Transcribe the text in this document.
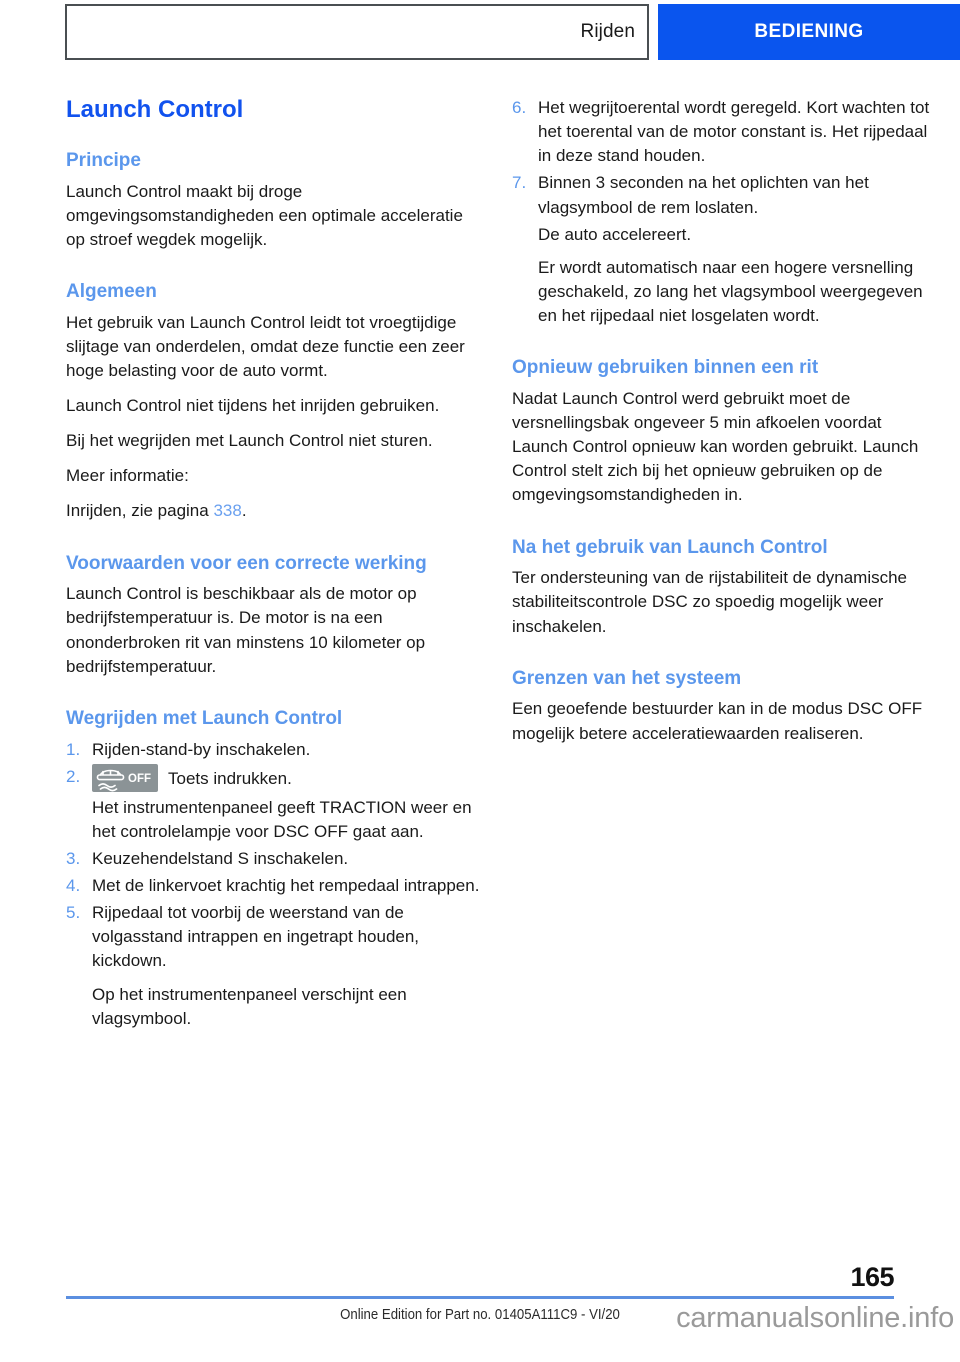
Rijden	BEDIENING
Launch Control
Principe

Launch Control maakt bij droge omgevingsomstandigheden een optimale acceleratie op stroef wegdek mogelijk.

Algemeen

Het gebruik van Launch Control leidt tot vroegtijdige slijtage van onderdelen, omdat deze functie een zeer hoge belasting voor de auto vormt.

Launch Control niet tijdens het inrijden gebruiken.

Bij het wegrijden met Launch Control niet sturen.

Meer informatie:

Inrijden, zie pagina 338.

Voorwaarden voor een correcte werking

Launch Control is beschikbaar als de motor op bedrijfstemperatuur is. De motor is na een ononderbroken rit van minstens 10 kilometer op bedrijfstemperatuur.

Wegrijden met Launch Control
1. Rijden-stand-by inschakelen.
2.	OFF Toets indrukken.
Het instrumentenpaneel geeft TRACTION weer en het controlelampje voor DSC OFF gaat aan.
3. Keuzehendelstand S inschakelen.
4. Met de linkervoet krachtig het rempedaal intrappen.
5. Rijpedaal tot voorbij de weerstand van de volgasstand intrappen en ingetrapt houden, kickdown.
Op het instrumentenpaneel verschijnt een vlagsymbool.
6. Het wegrijtoerental wordt geregeld. Kort wachten tot het toerental van de motor constant is. Het rijpedaal in deze stand houden.
7. Binnen 3 seconden na het oplichten van het vlagsymbool de rem loslaten.
De auto accelereert.
Er wordt automatisch naar een hogere versnelling geschakeld, zo lang het vlagsymbool weergegeven en het rijpedaal niet losgelaten wordt.
Opnieuw gebruiken binnen een rit

Nadat Launch Control werd gebruikt moet de versnellingsbak ongeveer 5 min afkoelen voordat Launch Control opnieuw kan worden gebruikt. Launch Control stelt zich bij het opnieuw gebruiken op de omgevingsomstandigheden in.

Na het gebruik van Launch Control

Ter ondersteuning van de rijstabiliteit de dynamische stabiliteitscontrole DSC zo spoedig mogelijk weer inschakelen.

Grenzen van het systeem

Een geoefende bestuurder kan in de modus DSC OFF mogelijk betere acceleratiewaarden realiseren.

165
Online Edition for Part no. 01405A111C9 - VI/20	carmanualsonline.info
